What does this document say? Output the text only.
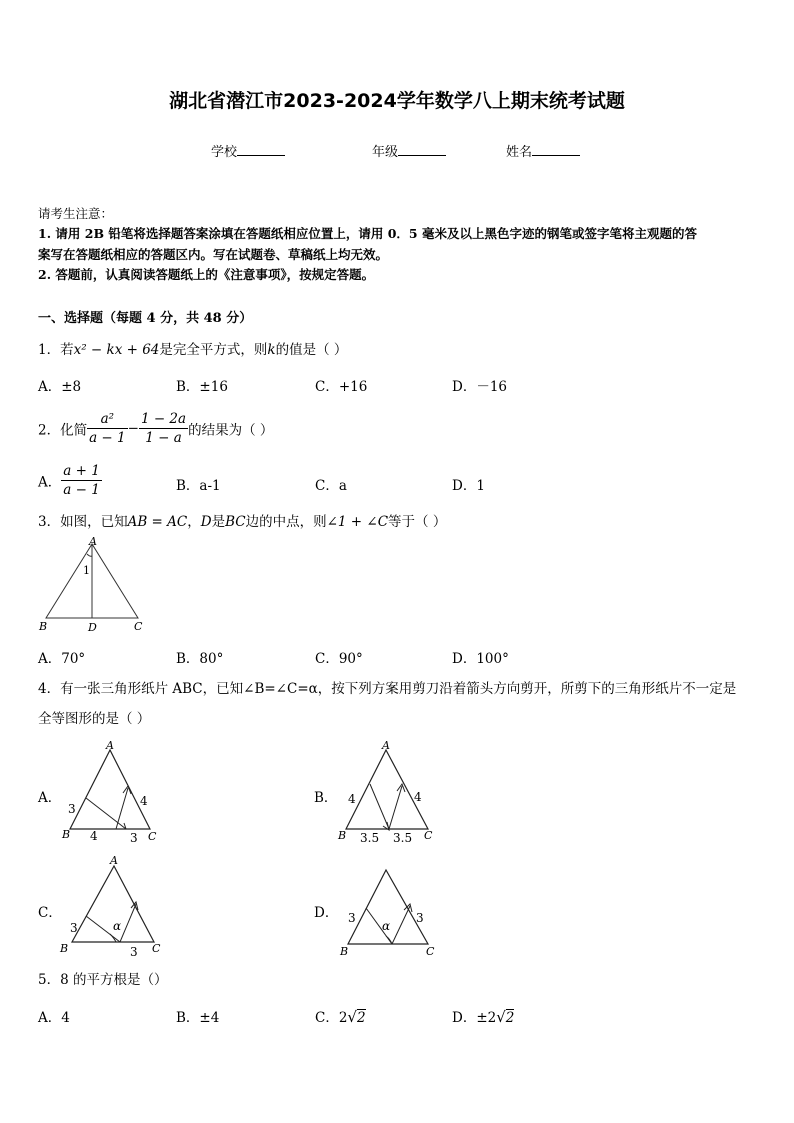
湖北省潜江市2023-2024学年数学八上期末统考试题
学校	年级	姓名
请考生注意：
1. 请用 2B 铅笔将选择题答案涂填在答题纸相应位置上，请用 0．5 毫米及以上黑色字迹的钢笔或签字笔将主观题的答
案写在答题纸相应的答题区内。写在试题卷、草稿纸上均无效。
2. 答题前，认真阅读答题纸上的《注意事项》，按规定答题。
一、选择题（每题 4 分，共 48 分）
1．若x² − kx + 64是完全平方式，则k的值是（ ）
A．±8	B．±16	C．+16	D．－16
2．化简 $\frac{\text{a²}}{a - 1} - \frac{1 - 2a}{1 - a}$ 的结果为（ ）
A． $\frac{a + 1}{a - 1}$	B．a-1	C．a	D．1
3．如图，已知AB = AC，D是BC边的中点，则∠1 + ∠C等于（ ）
A
1
B	D	C
A．70°	B．80°	C．90°	D．100°
4．有一张三角形纸片 ABC，已知∠B=∠C=α，按下列方案用剪刀沿着箭头方向剪开，所剪下的三角形纸片不一定是
全等图形的是（ ）
A．
A
3
4
B 4	3 C
B．
A
4	4
B 3.5 3.5 C
C．
A
3	α
B	3 C
D． 3	3
α
B	C
5．8 的平方根是（）
A．4	B．±4	C．2√2	D．±2√2
